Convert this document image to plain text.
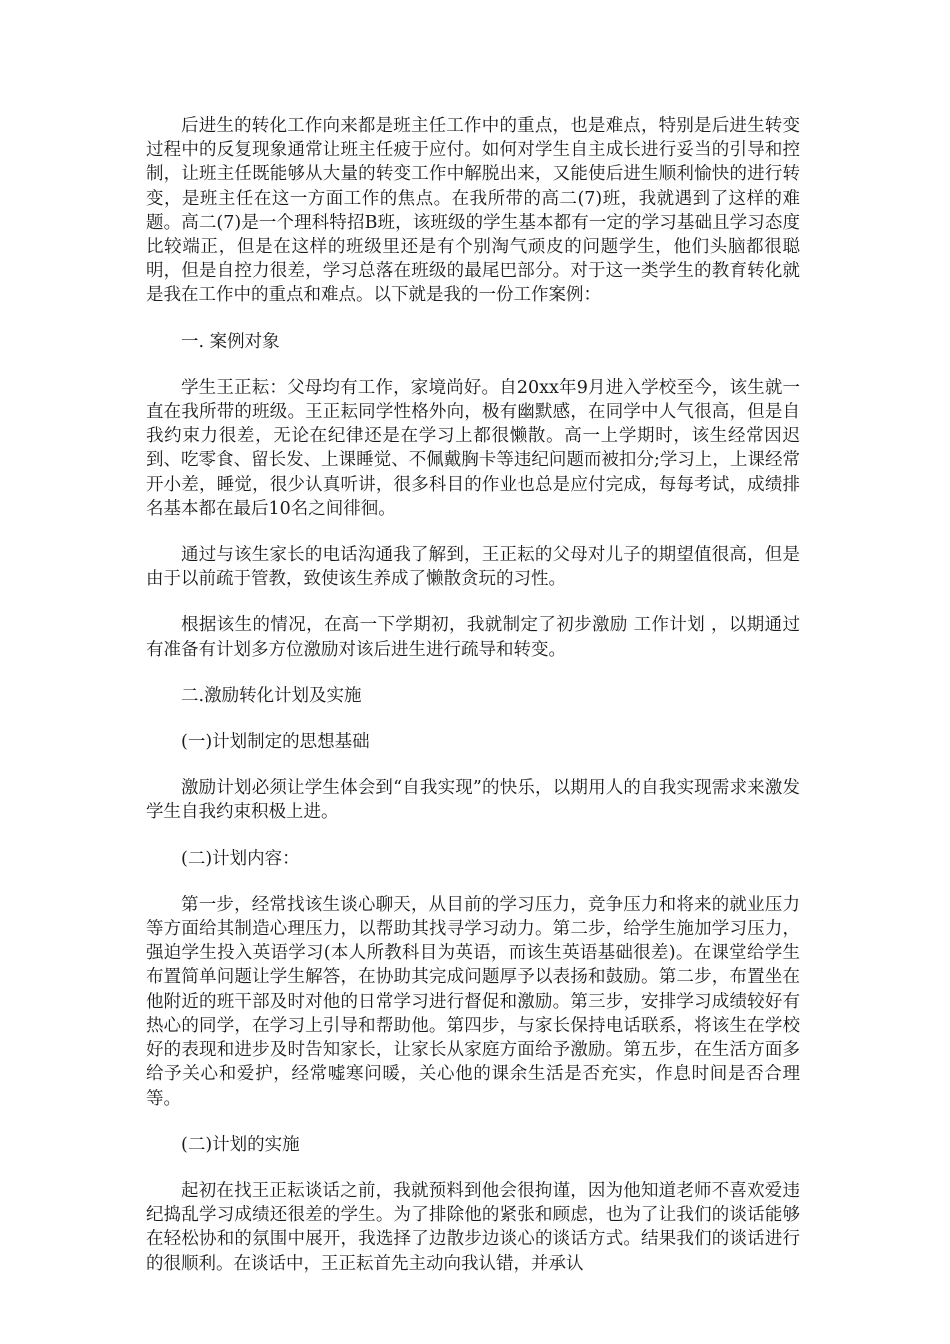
后进生的转化工作向来都是班主任工作中的重点，也是难点，特别是后进生转变过程中的反复现象通常让班主任疲于应付。如何对学生自主成长进行妥当的引导和控制，让班主任既能够从大量的转变工作中解脱出来，又能使后进生顺利愉快的进行转变，是班主任在这一方面工作的焦点。在我所带的高二(7)班，我就遇到了这样的难题。高二(7)是一个理科特招B班，该班级的学生基本都有一定的学习基础且学习态度比较端正，但是在这样的班级里还是有个别淘气顽皮的问题学生，他们头脑都很聪明，但是自控力很差，学习总落在班级的最尾巴部分。对于这一类学生的教育转化就是我在工作中的重点和难点。以下就是我的一份工作案例：

一. 案例对象

学生王正耘：父母均有工作，家境尚好。自20xx年9月进入学校至今，该生就一直在我所带的班级。王正耘同学性格外向，极有幽默感，在同学中人气很高，但是自我约束力很差，无论在纪律还是在学习上都很懒散。高一上学期时，该生经常因迟到、吃零食、留长发、上课睡觉、不佩戴胸卡等违纪问题而被扣分;学习上，上课经常开小差，睡觉，很少认真听讲，很多科目的作业也总是应付完成，每每考试，成绩排名基本都在最后10名之间徘徊。

通过与该生家长的电话沟通我了解到，王正耘的父母对儿子的期望值很高，但是由于以前疏于管教，致使该生养成了懒散贪玩的习性。

根据该生的情况，在高一下学期初，我就制定了初步激励 工作计划 ，以期通过有准备有计划多方位激励对该后进生进行疏导和转变。

二.激励转化计划及实施

(一)计划制定的思想基础

激励计划必须让学生体会到“自我实现”的快乐，以期用人的自我实现需求来激发学生自我约束积极上进。

(二)计划内容：

第一步，经常找该生谈心聊天，从目前的学习压力，竞争压力和将来的就业压力等方面给其制造心理压力，以帮助其找寻学习动力。第二步，给学生施加学习压力，强迫学生投入英语学习(本人所教科目为英语，而该生英语基础很差)。在课堂给学生布置简单问题让学生解答，在协助其完成问题厚予以表扬和鼓励。第二步，布置坐在他附近的班干部及时对他的日常学习进行督促和激励。第三步，安排学习成绩较好有热心的同学，在学习上引导和帮助他。第四步，与家长保持电话联系，将该生在学校好的表现和进步及时告知家长，让家长从家庭方面给予激励。第五步，在生活方面多给予关心和爱护，经常嘘寒问暖，关心他的课余生活是否充实，作息时间是否合理等。

(二)计划的实施

起初在找王正耘谈话之前，我就预料到他会很拘谨，因为他知道老师不喜欢爱违纪捣乱学习成绩还很差的学生。为了排除他的紧张和顾虑，也为了让我们的谈话能够在轻松协和的氛围中展开，我选择了边散步边谈心的谈话方式。结果我们的谈话进行的很顺利。在谈话中，王正耘首先主动向我认错，并承认
